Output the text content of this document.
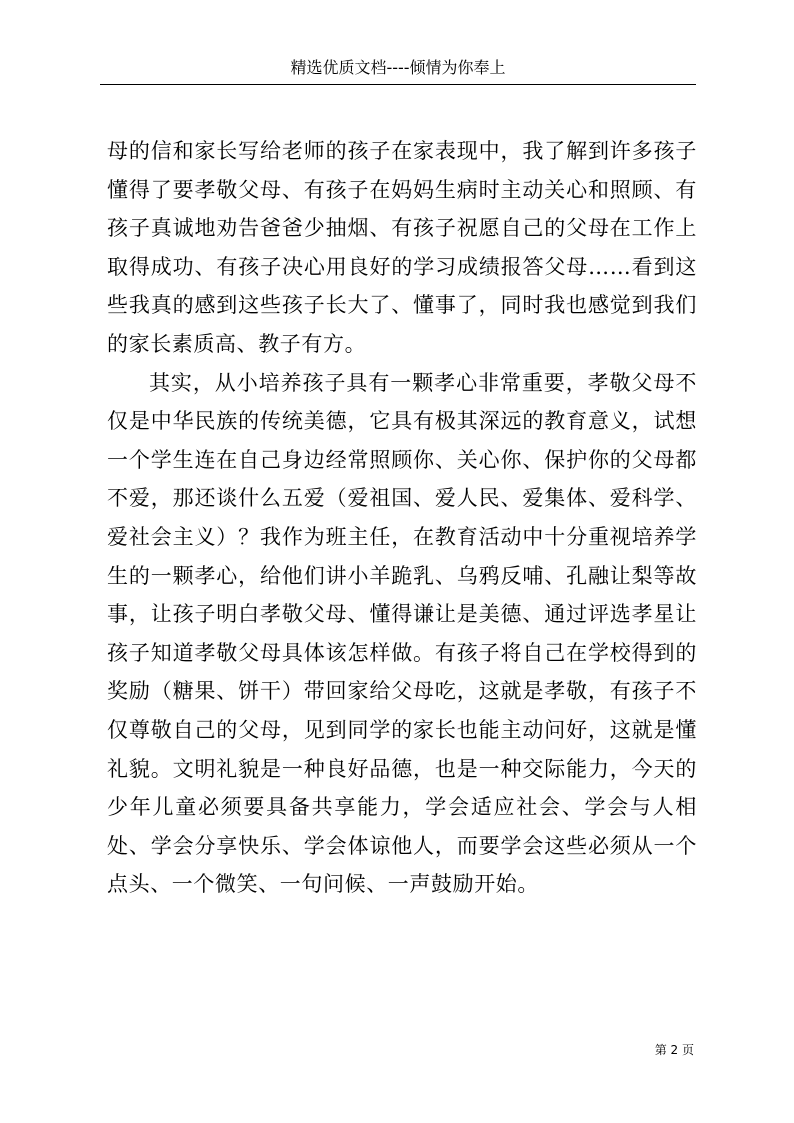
精选优质文档----倾情为你奉上

母的信和家长写给老师的孩子在家表现中，我了解到许多孩子懂得了要孝敬父母、有孩子在妈妈生病时主动关心和照顾、有孩子真诚地劝告爸爸少抽烟、有孩子祝愿自己的父母在工作上取得成功、有孩子决心用良好的学习成绩报答父母……看到这些我真的感到这些孩子长大了、懂事了，同时我也感觉到我们的家长素质高、教子有方。

其实，从小培养孩子具有一颗孝心非常重要，孝敬父母不仅是中华民族的传统美德，它具有极其深远的教育意义，试想一个学生连在自己身边经常照顾你、关心你、保护你的父母都不爱，那还谈什么五爱（爱祖国、爱人民、爱集体、爱科学、爱社会主义）？我作为班主任，在教育活动中十分重视培养学生的一颗孝心，给他们讲小羊跪乳、乌鸦反哺、孔融让梨等故事，让孩子明白孝敬父母、懂得谦让是美德、通过评选孝星让孩子知道孝敬父母具体该怎样做。有孩子将自己在学校得到的奖励（糖果、饼干）带回家给父母吃，这就是孝敬，有孩子不仅尊敬自己的父母，见到同学的家长也能主动问好，这就是懂礼貌。文明礼貌是一种良好品德，也是一种交际能力，今天的少年儿童必须要具备共享能力，学会适应社会、学会与人相处、学会分享快乐、学会体谅他人，而要学会这些必须从一个点头、一个微笑、一句问候、一声鼓励开始。

第 2 页
